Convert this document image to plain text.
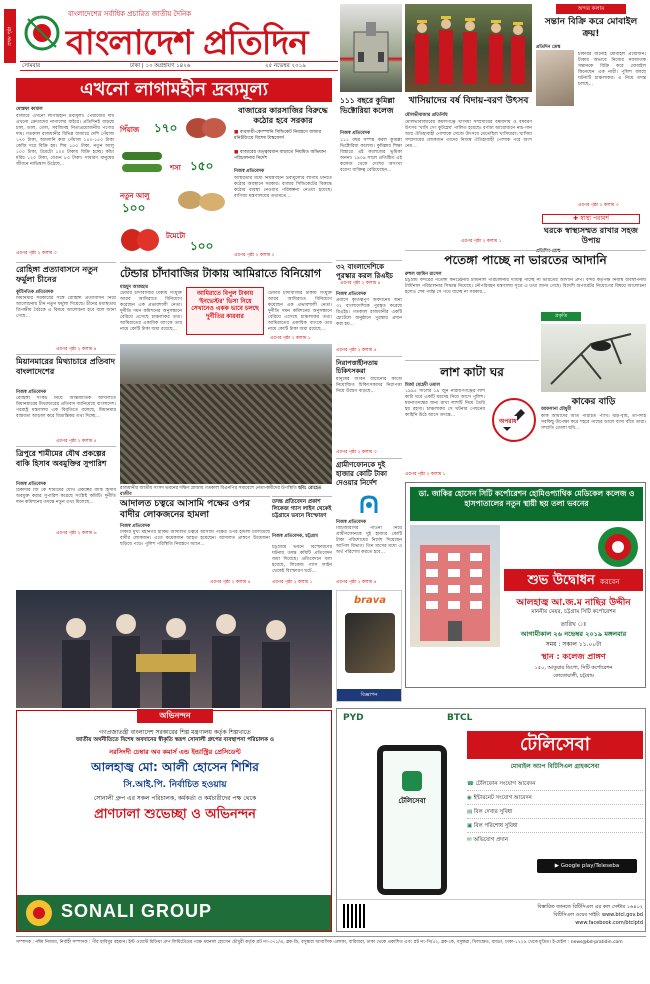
প্রথম পৃষ্ঠা
বাংলাদেশের সর্বাধিক প্রচারিত জাতীয় দৈনিক
বাংলাদেশ প্রতিদিন
সোমবার	ঢাকা | ১০ অগ্রহায়ণ ১৪২৬	২৫ নভেম্বর ২০১৯
অন্দর কলাম
সন্তান বিক্রি করে মোবাইল ক্রয়!
প্রতিদিন ডেস্ক
চাকরির জন্যেই মোবাইল প্রয়োজন। টাকার অভাবে নিজের নবজাতক সন্তানকে বিক্রি করে মোবাইল কিনেছেন এক নারী। পুলিশ বলছে ঘটনাটি চাঞ্চল্যকর। এ নিয়ে তদন্ত চলছে...
এরপর পৃষ্ঠা ২ কলাম ৩
✚ স্বাস্থ্য পরামর্শ
ঘরকে স্বাস্থ্যসম্মত রাখার সহজ উপায়
প্রতিদিন ডেস্ক
এখনো লাগামহীন দ্রব্যমূল্য
মোস্তফা কামাল
বাজারে এখনো লাগামহীন দ্রব্যমূল্য। পেঁয়াজের দাম এখনো ক্রেতাদের নাগালের বাইরে। প্রতিদিনই বাড়ছে চাল, ডাল, তেল, সবজিসহ নিত্যপ্রয়োজনীয় পণ্যের দাম। গতকাল রাজধানীর বিভিন্ন বাজারে দেশি পেঁয়াজ ১৭০ টাকা, আমদানি করা পেঁয়াজ ১৪০-১৫০ টাকা কেজি দরে বিক্রি হয়। শিম ১৫০ টাকা, নতুন আলু ১০০ টাকা, টমেটো ১০০ টাকায় বিক্রি হচ্ছে। কাঁচা মরিচ ১২০ টাকা, বেগুন ৮০ টাকা। সাধারণ মানুষের জীবনে নাভিশ্বাস উঠেছে...
এরপর পৃষ্ঠা ২ কলাম ৩
পিঁয়াজ ১৭০
শসা ১৫০
নতুন আলু
১০০
টমেটো
১০০
বাজারের কারসাজির বিরুদ্ধে কঠোর হবে সরকার
■ ব্যবসায়ী-কোম্পানি সিন্ডিকেট নিয়ন্ত্রণে বাজার মনিটরিংয়ে বিশেষ টাস্কফোর্স
■ বাজারের তত্ত্বাবধান বাড়াতে নিয়মিত অভিযান পরিচালনার নির্দেশ
নিজস্ব প্রতিবেদক
অস্থিরতার মধ্যে নিয়ন্ত্রণহীন দ্রব্যমূল্যের লাগাম টানতে কঠোর অবস্থানে সরকার। বাজার সিন্ডিকেটের বিরুদ্ধে কঠোর ব্যবস্থা নেওয়ার পরিকল্পনা নেওয়া হয়েছে। বাণিজ্য মন্ত্রণালয়ের তথ্যমতে...
এরপর পৃষ্ঠা ২ কলাম ২
১১১ বছরে কুমিল্লা ভিক্টোরিয়া কলেজ
নিজস্ব প্রতিবেদক
১১১ বছর সম্পন্ন করল কুমিল্লা ভিক্টোরিয়া কলেজ। কুমিল্লার শিক্ষা বিস্তারে এই কলেজের ভূমিকা অনন্য। ১৯০৯ সালে প্রতিষ্ঠিত এই কলেজ থেকে দেশের অসংখ্য বরেণ্য ব্যক্তিত্ব বেরিয়েছেন...
এরপর পৃষ্ঠা ২ কলাম ৪
খাসিয়াদের বর্ষ বিদায়-বরণ উৎসব
মৌলভীবাজার প্রতিনিধি
মৌলভীবাজারের কমলগঞ্জে খাসিয়া সম্প্রদায়ের বর্ষবিদায় ও বর্ষবরণ উৎসব 'খাসি সেং কুটস্নেম' পালিত হয়েছে। বর্ণাঢ্য আয়োজনে নাচ-গান আর ঐতিহ্যবাহী পোশাকে সেজে উৎসবে মেতেছিল খাসিয়ারা। খাসিয়া সম্প্রদায়ের লোকজন তাদের নিজস্ব ঐতিহ্যবাহী পোশাক পরে অংশ নেয়...
এরপর পৃষ্ঠা ২ কলাম ১
রোহিঙ্গা প্রত্যাবাসনে নতুন ফর্মুলা চীনের
কূটনৈতিক প্রতিবেদক
মিয়ানমার সরকারের সঙ্গে রোহিঙ্গা প্রত্যাবাসন নিয়ে আলোচনায় চীন নতুন ফর্মুলা দিয়েছে। চীনের মধ্যস্থতায় ত্রিপক্ষীয় বৈঠকে এ বিষয়ে আলোচনা হবে বলে জানা গেছে...
এরপর পৃষ্ঠা ২ কলাম ৪
মিয়ানমারের মিথ্যাচারে প্রতিবাদ বাংলাদেশের
নিজস্ব প্রতিবেদক
রোহিঙ্গা সংকট নিয়ে আন্তর্জাতিক আদালতে মিয়ানমারের মিথ্যাচারের প্রতিবাদ জানিয়েছে বাংলাদেশ। পররাষ্ট্র মন্ত্রণালয় এক বিবৃতিতে বলেছে, মিয়ানমার বাস্তবতা আড়াল করে বিভ্রান্তিকর তথ্য দিচ্ছে...
এরপর পৃষ্ঠা ২ কলাম ৫
ত্রিপুরে শামীমের যৌথ প্রকল্পের বাকি হিসাব অবমুক্তির সুপারিশ
নিজস্ব প্রতিবেদক
ঠিকাদার জি কে শামীমের যৌথ প্রকল্পের বাকি হিসাব অবমুক্ত করার সুপারিশ করেছে সংশ্লিষ্ট কমিটি। দুর্নীতি দমন কমিশনের তদন্তে নতুন তথ্য মিলেছে...
এরপর পৃষ্ঠা ২ কলাম ৬
টেন্ডার চাঁদাবাজির টাকায় আমিরাতে বিনিয়োগ
মাহমুদ আজহার
টেন্ডার চাঁদাবাজির টাকায় সংযুক্ত আরব আমিরাতে বিনিয়োগ করেছেন এক প্রভাবশালী নেতা। দুর্নীতি দমন কমিশনের অনুসন্ধানে বেরিয়ে এসেছে চাঞ্চল্যকর তথ্য। আমিরাতের একাধিক ব্যাংকে তার নামে কোটি টাকা জমা রয়েছে...
আমিরাতে বিপুল টাকায় 'ইনভেস্টর' ভিসা নিয়ে সেখানেও একক ভাবে চলছে দুর্নীতির কারবার
টেন্ডার চাঁদাবাজির টাকায় সংযুক্ত আরব আমিরাতে বিনিয়োগ করেছেন এক প্রভাবশালী নেতা। দুর্নীতি দমন কমিশনের অনুসন্ধানে বেরিয়ে এসেছে চাঞ্চল্যকর তথ্য। আমিরাতের একাধিক ব্যাংকে তার নামে কোটি টাকা জমা রয়েছে...
এরপর পৃষ্ঠা ২ কলাম ১
রাজধানীর জাতীয় সংসদ ভবনের দক্ষিণ প্লাজায় গতকাল বিএনপির সমাবেশে নেতা-কর্মীদের উপস্থিতি ছবি: রোহেত রাজীব
আদালত চত্বরে আসামি পক্ষের ওপর বাদীর লোকজনের হামলা
নিজস্ব প্রতিবেদক
ঢাকার মুখ্য মহানগর হাকিম আদালত চত্বরে আসামি পক্ষের ওপর হামলা চালিয়েছে বাদীর লোকজন। এতে কয়েকজন আহত হয়েছেন। আদালত প্রাঙ্গণে উত্তেজনা ছড়িয়ে পড়ে। পুলিশ পরিস্থিতি নিয়ন্ত্রণে আনে...
এরপর পৃষ্ঠা ২ কলাম ৪
তদন্ত প্রতিবেদন প্রকাশ লিকেজ গ্যাস লাইন থেকেই চট্টগ্রামে ভবনে বিস্ফোরণ
নিজস্ব প্রতিবেদক, চট্টগ্রাম
চট্টগ্রামে ভবনে বিস্ফোরণের ঘটনায় তদন্ত কমিটি প্রতিবেদন জমা দিয়েছে। প্রতিবেদনে বলা হয়েছে, লিকেজ গ্যাস লাইন থেকেই বিস্ফোরণ ঘটে...
এরপর পৃষ্ঠা ২ কলাম ১
৩২ বাংলাদেশিকে পুরস্কার করল রিএইচ
নিজস্ব প্রতিবেদক
প্রবাসে কৃতিত্বপূর্ণ অবদানের জন্য ৩২ বাংলাদেশিকে পুরস্কৃত করেছে রিএইচ। গতকাল রাজধানীর একটি হোটেলে অনুষ্ঠানে পুরস্কার প্রদান করা হয়...
এরপর পৃষ্ঠা ২ কলাম ৫
নিরাপত্তাহীনতায় চিকিৎসকরা
মানুষের জীবন বাঁচানোর কাজে নিয়োজিত চিকিৎসকদের নিরাপত্তা নিয়ে উদ্বেগ বাড়ছে...
এরপর পৃষ্ঠা ২ কলাম ৩
গ্রামীণফোনকে দুই হাজার কোটি টাকা দেওয়ার নির্দেশ
নিজস্ব প্রতিবেদক
বিটিআরসির পাওনা নিয়ে গ্রামীণফোনকে দুই হাজার কোটি টাকা পরিশোধের নির্দেশ দিয়েছেন আপিল বিভাগ। তিন মাসের মধ্যে এ অর্থ পরিশোধ করতে হবে...
এরপর পৃষ্ঠা ২ কলাম ৪
পতেঙ্গা পাচ্ছে না ভারতের আদানি
রুহুল আমিন রাসেল
চট্টগ্রাম বন্দরের পতেঙ্গা কনটেইনার টার্মিনাল পরিচালনার দায়িত্ব পাচ্ছে না ভারতের আদানি গ্রুপ। বন্দর কর্তৃপক্ষ নিজস্ব ব্যবস্থাপনায় টার্মিনাল পরিচালনার সিদ্ধান্ত নিয়েছে। নৌপরিবহন মন্ত্রণালয় সূত্রে এ তথ্য জানা গেছে। বিদেশি অপারেটর নিয়োগের বিষয়ে আলোচনা হলেও শেষ পর্যন্ত সে পথে যাচ্ছে না সরকার...
লাশ কাটা ঘর
মির্জা মেহেদী তমাল
১৯৯৫ সালের ১৯ জুন নারায়ণগঞ্জের লাশ কাটা ঘরে একটি মরদেহ নিয়ে আসে পুলিশ। ময়নাতদন্তের জন্য রাখা লাশটি নিয়ে তৈরি হয় রহস্য। চাঞ্চল্যকর সে ঘটনার পেছনের কাহিনি উঠে আসে তদন্তে...
অপরাধ
এরপর পৃষ্ঠা ২ কলাম ১
প্রকৃতি
কাকের বাড়ি
আফসানা চৌধুরী
কাক আমাদের অতি পরিচিত পাখি। ঝড়-বৃষ্টি, তাপদাহ সবকিছু উপেক্ষা করে শহরে গাছের ডালে বাসা বাঁধে তারা। সম্প্রতি তোলা ছবি...
ডা. জাকির হোসেন সিটি কর্পোরেশন হোমিওপ্যাথিক মেডিকেল কলেজ ও হাসপাতালের নতুন স্থায়ী ছয় তলা ভবনের
শুভ উদ্বোধন করবেন
আলহাজ্ব আ.জ.ম নাছির উদ্দীন
মাননীয় মেয়র, চট্টগ্রাম সিটি কর্পোরেশন
তারিখ ঃ
আগামীকাল ২৬ নভেম্বর ২০১৯ মঙ্গলবার
সময় : সকাল ১১.০০টা
স্থান : কলেজ প্রাঙ্গণ
১৫০, আতুরার ডিপো, সিটি কর্পোরেশন
কোতোয়ালী, চট্টগ্রাম
brava
বিজ্ঞাপন
অভিনন্দন
গণপ্রজাতন্ত্রী বাংলাদেশ সরকারের শিল্প মন্ত্রণালয় কর্তৃক শিল্পখাতে
জাতীয় অর্থনীতিতে বিশেষ অবদানের স্বীকৃতি স্বরূপ সোনালী গ্রুপের ব্যবস্থাপনা পরিচালক ও
নরসিংদী চেম্বার অব কমার্স এন্ড ইন্ডাস্ট্রির প্রেসিডেন্ট
আলহাজ্ব মো: আলী হোসেন শিশির
সি.আই.পি. নির্বাচিত হওয়ায়
সোনালী গ্রুপ এর সকল পরিচালক, কর্মকর্তা ও কর্মচারীদের পক্ষ থেকে
প্রাণঢালা শুভেচ্ছা ও অভিনন্দন
SONALI GROUP
PYD	BTCL
টেলিসেবা
মোবাইল অ্যাপ বিটিসিএল গ্রাহকসেবা
টেলিসেবা
☎ টেলিফোন সংযোগ আবেদন
◉ ইন্টারনেট সংযোগ আবেদন
▤ বিল দেখার সুবিধা
▣ বিল পরিশোধ সুবিধা
✉ অভিযোগ প্রদান
▶ Google play/Teleseba
বিস্তারিত জানতে বিটিসিএল এর কল সেন্টার ১৬৪০২
বিটিসিএল ওয়েব সাইট: www.btcl.gov.bd
www.facebook.com/btclptd
সম্পাদক : নঈম নিজাম, নির্বাহী সম্পাদক : পীর হাবিবুর রহমান। ইস্ট ওয়েস্ট মিডিয়া গ্রুপ লিমিটেডের পক্ষে ময়নাল হোসেন চৌধুরী কর্তৃক প্লট নং-৩৭১/এ, ব্লক-ডি, বসুন্ধরা আবাসিক এলাকা, বারিধারা, ঢাকা থেকে প্রকাশিত এবং প্লট নং-সি/৫২, ব্লক-কে, বসুন্ধরা, খিলক্ষেত, বাড্ডা, ঢাকা-১২২৯ থেকে মুদ্রিত। ই-মেইল : news@bd-pratidin.com
